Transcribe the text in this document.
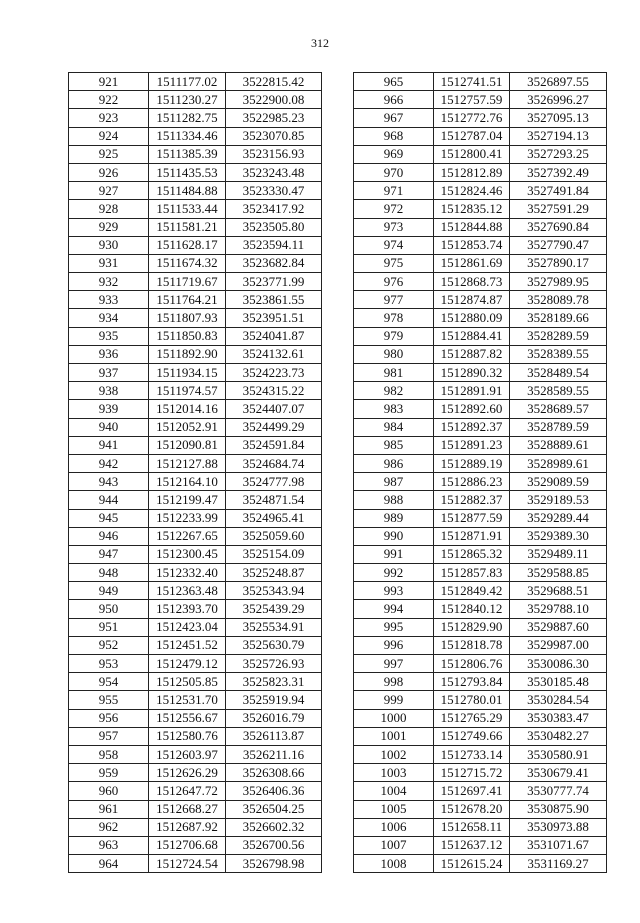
312
921	1511177.02	3522815.42
922	1511230.27	3522900.08
923	1511282.75	3522985.23
924	1511334.46	3523070.85
925	1511385.39	3523156.93
926	1511435.53	3523243.48
927	1511484.88	3523330.47
928	1511533.44	3523417.92
929	1511581.21	3523505.80
930	1511628.17	3523594.11
931	1511674.32	3523682.84
932	1511719.67	3523771.99
933	1511764.21	3523861.55
934	1511807.93	3523951.51
935	1511850.83	3524041.87
936	1511892.90	3524132.61
937	1511934.15	3524223.73
938	1511974.57	3524315.22
939	1512014.16	3524407.07
940	1512052.91	3524499.29
941	1512090.81	3524591.84
942	1512127.88	3524684.74
943	1512164.10	3524777.98
944	1512199.47	3524871.54
945	1512233.99	3524965.41
946	1512267.65	3525059.60
947	1512300.45	3525154.09
948	1512332.40	3525248.87
949	1512363.48	3525343.94
950	1512393.70	3525439.29
951	1512423.04	3525534.91
952	1512451.52	3525630.79
953	1512479.12	3525726.93
954	1512505.85	3525823.31
955	1512531.70	3525919.94
956	1512556.67	3526016.79
957	1512580.76	3526113.87
958	1512603.97	3526211.16
959	1512626.29	3526308.66
960	1512647.72	3526406.36
961	1512668.27	3526504.25
962	1512687.92	3526602.32
963	1512706.68	3526700.56
964	1512724.54	3526798.98
965	1512741.51	3526897.55
966	1512757.59	3526996.27
967	1512772.76	3527095.13
968	1512787.04	3527194.13
969	1512800.41	3527293.25
970	1512812.89	3527392.49
971	1512824.46	3527491.84
972	1512835.12	3527591.29
973	1512844.88	3527690.84
974	1512853.74	3527790.47
975	1512861.69	3527890.17
976	1512868.73	3527989.95
977	1512874.87	3528089.78
978	1512880.09	3528189.66
979	1512884.41	3528289.59
980	1512887.82	3528389.55
981	1512890.32	3528489.54
982	1512891.91	3528589.55
983	1512892.60	3528689.57
984	1512892.37	3528789.59
985	1512891.23	3528889.61
986	1512889.19	3528989.61
987	1512886.23	3529089.59
988	1512882.37	3529189.53
989	1512877.59	3529289.44
990	1512871.91	3529389.30
991	1512865.32	3529489.11
992	1512857.83	3529588.85
993	1512849.42	3529688.51
994	1512840.12	3529788.10
995	1512829.90	3529887.60
996	1512818.78	3529987.00
997	1512806.76	3530086.30
998	1512793.84	3530185.48
999	1512780.01	3530284.54
1000	1512765.29	3530383.47
1001	1512749.66	3530482.27
1002	1512733.14	3530580.91
1003	1512715.72	3530679.41
1004	1512697.41	3530777.74
1005	1512678.20	3530875.90
1006	1512658.11	3530973.88
1007	1512637.12	3531071.67
1008	1512615.24	3531169.27
